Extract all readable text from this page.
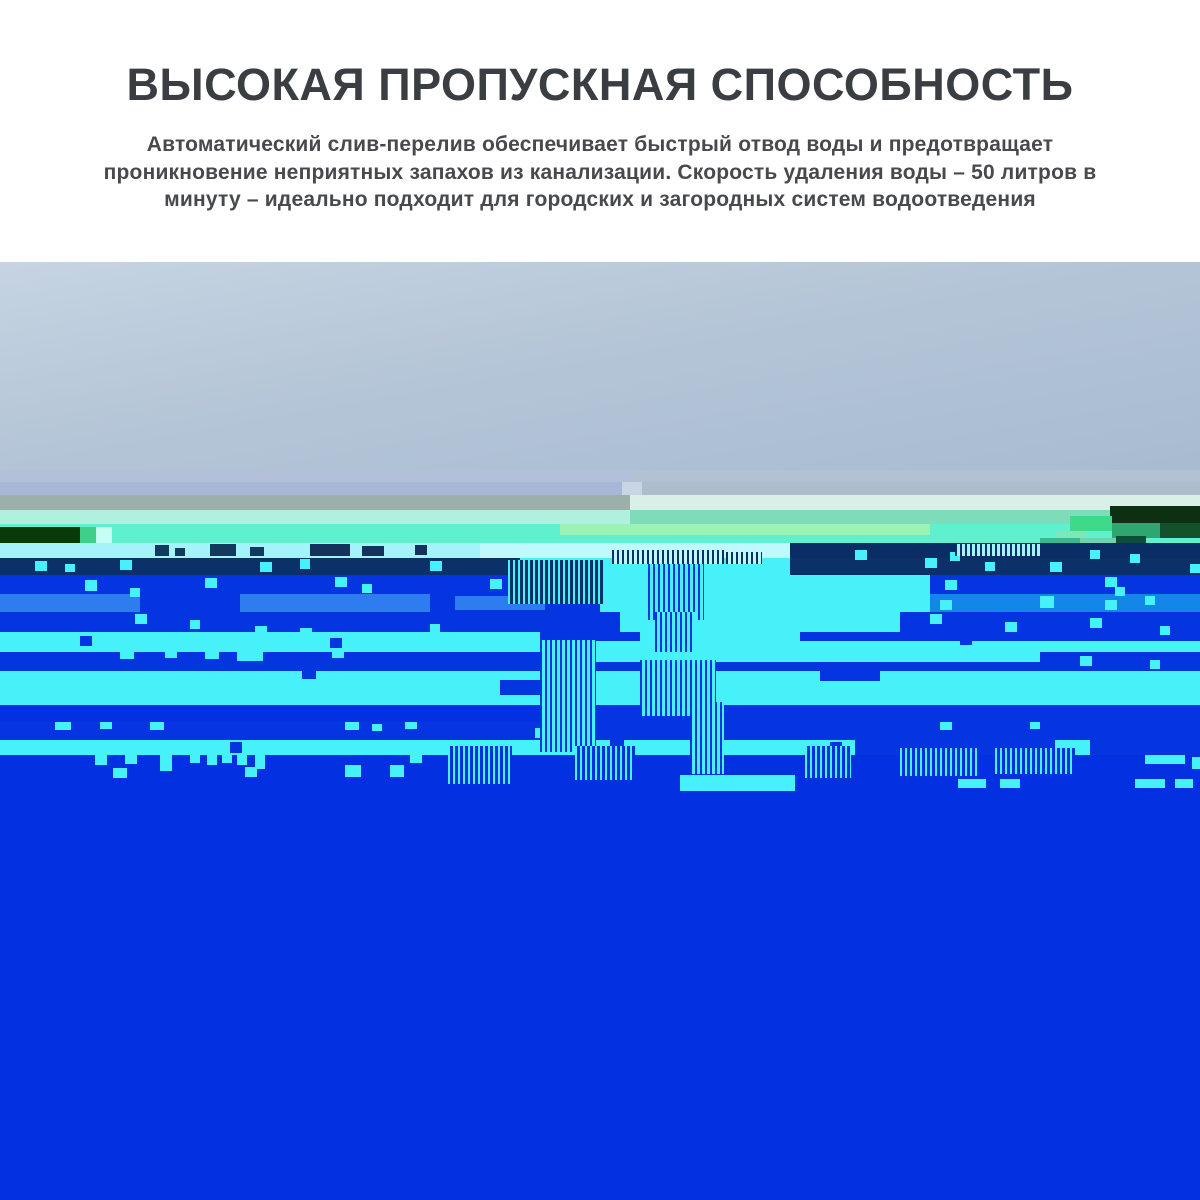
ВЫСОКАЯ ПРОПУСКНАЯ СПОСОБНОСТЬ

Автоматический слив-перелив обеспечивает быстрый отвод воды и предотвращает проникновение неприятных запахов из канализации. Скорость удаления воды – 50 литров в минуту – идеально подходит для городских и загородных систем водоотведения
